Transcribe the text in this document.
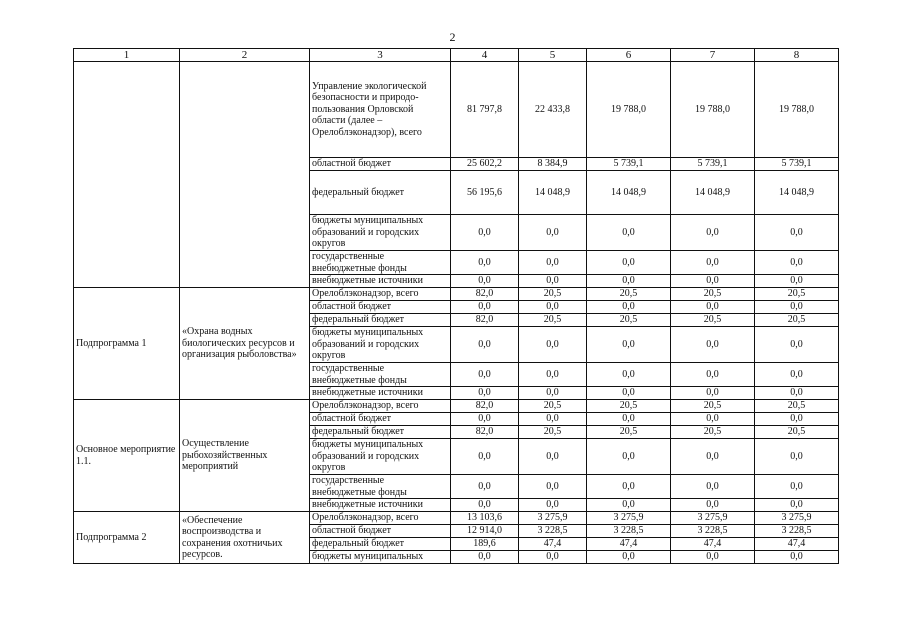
2
1	2	3	4	5	6	7	8
		Управление экологической безопасности и природо- пользования Орловской области (далее – Орелоблэконадзор), всего	81 797,8	22 433,8	19 788,0	19 788,0	19 788,0
		областной бюджет	25 602,2	8 384,9	5 739,1	5 739,1	5 739,1
		федеральный бюджет	56 195,6	14 048,9	14 048,9	14 048,9	14 048,9
		бюджеты муниципальных образований и городских округов	0,0	0,0	0,0	0,0	0,0
		государственные внебюджетные фонды	0,0	0,0	0,0	0,0	0,0
		внебюджетные источники	0,0	0,0	0,0	0,0	0,0
Подпрограмма 1	«Охрана водных биологических ресурсов и организация рыболовства»	Орелоблэконадзор, всего	82,0	20,5	20,5	20,5	20,5
		областной бюджет	0,0	0,0	0,0	0,0	0,0
		федеральный бюджет	82,0	20,5	20,5	20,5	20,5
		бюджеты муниципальных образований и городских округов	0,0	0,0	0,0	0,0	0,0
		государственные внебюджетные фонды	0,0	0,0	0,0	0,0	0,0
		внебюджетные источники	0,0	0,0	0,0	0,0	0,0
Основное мероприятие 1.1.	Осуществление рыбохозяйственных мероприятий	Орелоблэконадзор, всего	82,0	20,5	20,5	20,5	20,5
		областной бюджет	0,0	0,0	0,0	0,0	0,0
		федеральный бюджет	82,0	20,5	20,5	20,5	20,5
		бюджеты муниципальных образований и городских округов	0,0	0,0	0,0	0,0	0,0
		государственные внебюджетные фонды	0,0	0,0	0,0	0,0	0,0
		внебюджетные источники	0,0	0,0	0,0	0,0	0,0
Подпрограмма 2	«Обеспечение воспроизводства и сохранения охотничьих ресурсов.	Орелоблэконадзор, всего	13 103,6	3 275,9	3 275,9	3 275,9	3 275,9
		областной бюджет	12 914,0	3 228,5	3 228,5	3 228,5	3 228,5
		федеральный бюджет	189,6	47,4	47,4	47,4	47,4
		бюджеты муниципальных	0,0	0,0	0,0	0,0	0,0
